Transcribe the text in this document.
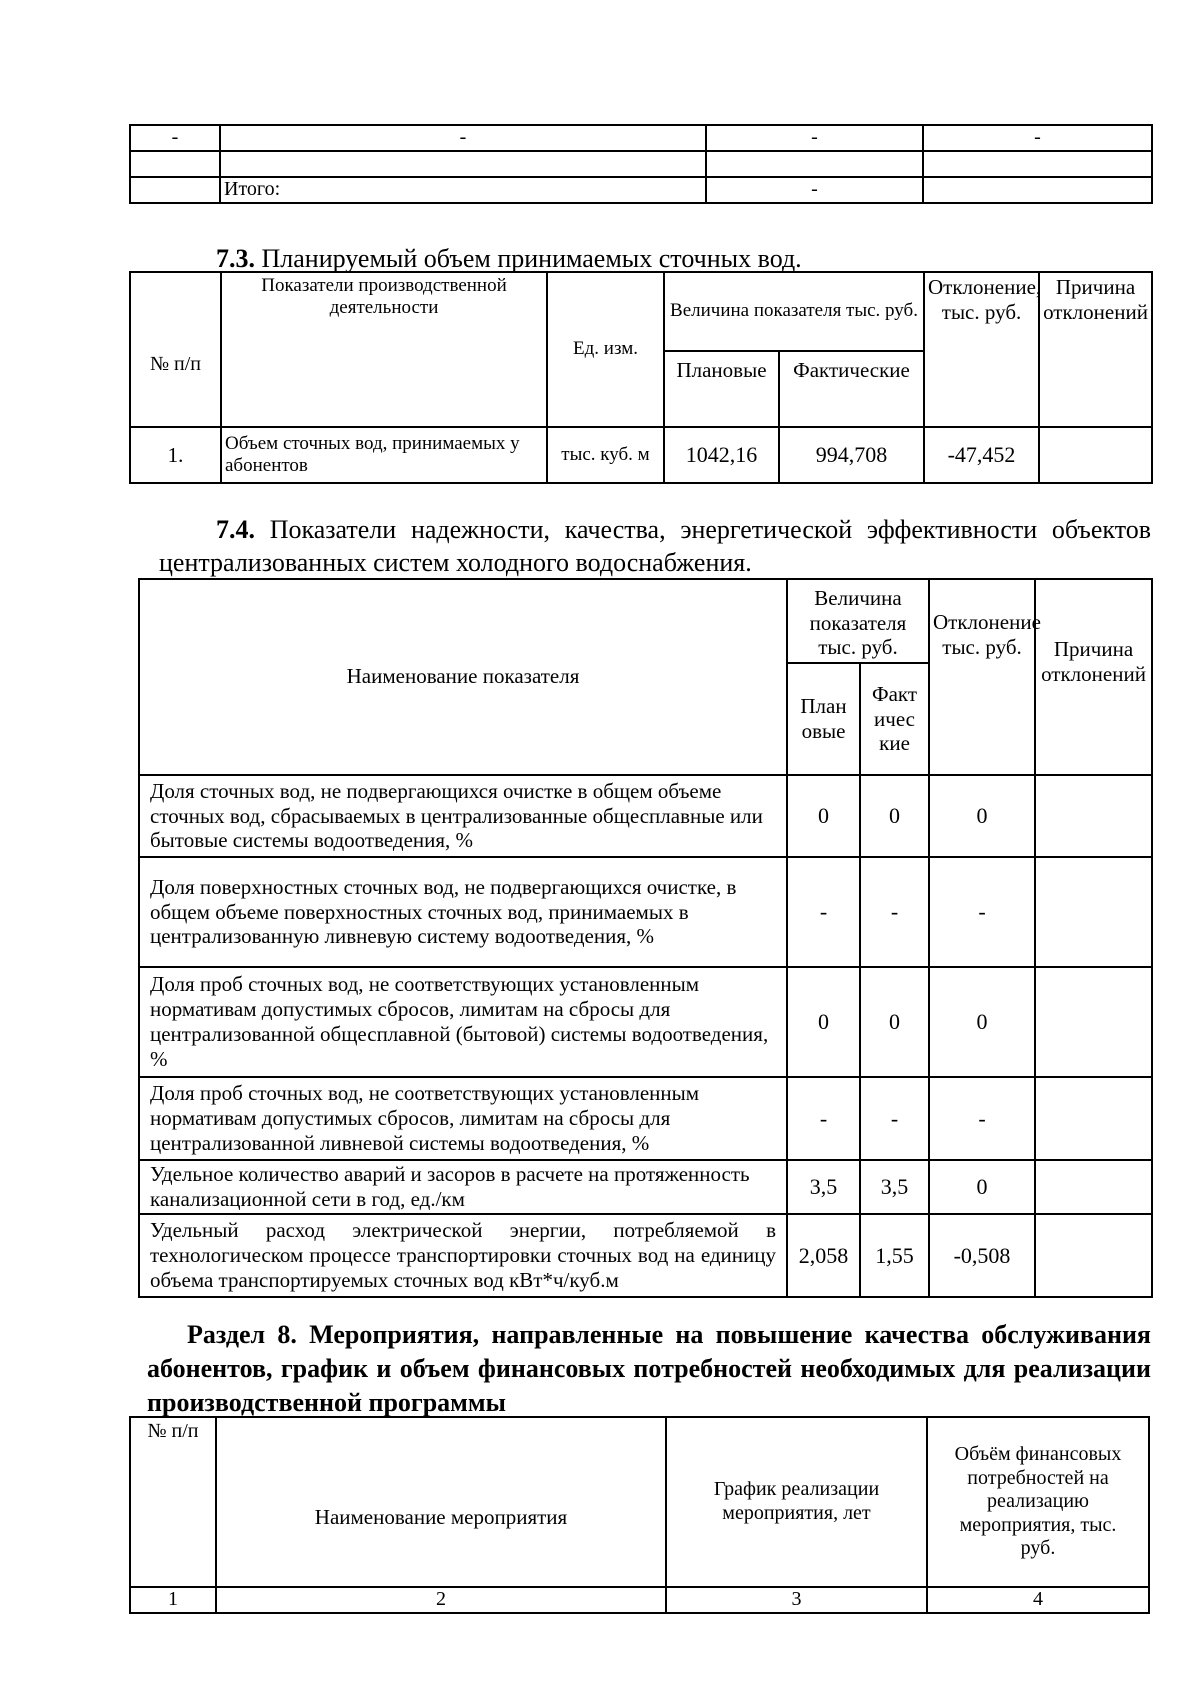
-	-	-	-

	Итого:	-	
7.3. Планируемый объем принимаемых сточных вод.
№ п/п	Показатели производственной деятельности	Ед. изм.	Величина показателя тыс. руб.		Отклонение, тыс. руб.	Причина отклонений
			Плановые	Фактические		
1.	Объем сточных вод, принимаемых у абонентов	тыс. куб. м	1042,16	994,708	-47,452	
7.4. Показатели надежности, качества, энергетической эффективности объектов
централизованных систем холодного водоснабжения.
Наименование показателя	Величина показателя тыс. руб.		Отклонение тыс. руб.	Причина отклонений
	Плановые	Фактические		
Доля сточных вод, не подвергающихся очистке в общем объеме сточных вод, сбрасываемых в централизованные общесплавные или бытовые системы водоотведения, %	0	0	0	
Доля поверхностных сточных вод, не подвергающихся очистке, в общем объеме поверхностных сточных вод, принимаемых в централизованную ливневую систему водоотведения, %	-	-	-	
Доля проб сточных вод, не соответствующих установленным нормативам допустимых сбросов, лимитам на сбросы для централизованной общесплавной (бытовой) системы водоотведения, %	0	0	0	
Доля проб сточных вод, не соответствующих установленным нормативам допустимых сбросов, лимитам на сбросы для централизованной ливневой системы водоотведения, %	-	-	-	
Удельное количество аварий и засоров в расчете на протяженность канализационной сети в год, ед./км	3,5	3,5	0	
Удельный расход электрической энергии, потребляемой в технологическом процессе транспортировки сточных вод на единицу объема транспортируемых сточных вод кВт*ч/куб.м	2,058	1,55	-0,508	
Раздел 8. Мероприятия, направленные на повышение качества обслуживания абонентов, график и объем финансовых потребностей необходимых для реализации производственной программы
№ п/п	Наименование мероприятия	График реализации мероприятия, лет	Объём финансовых потребностей на реализацию мероприятия, тыс. руб.
1	2	3	4
